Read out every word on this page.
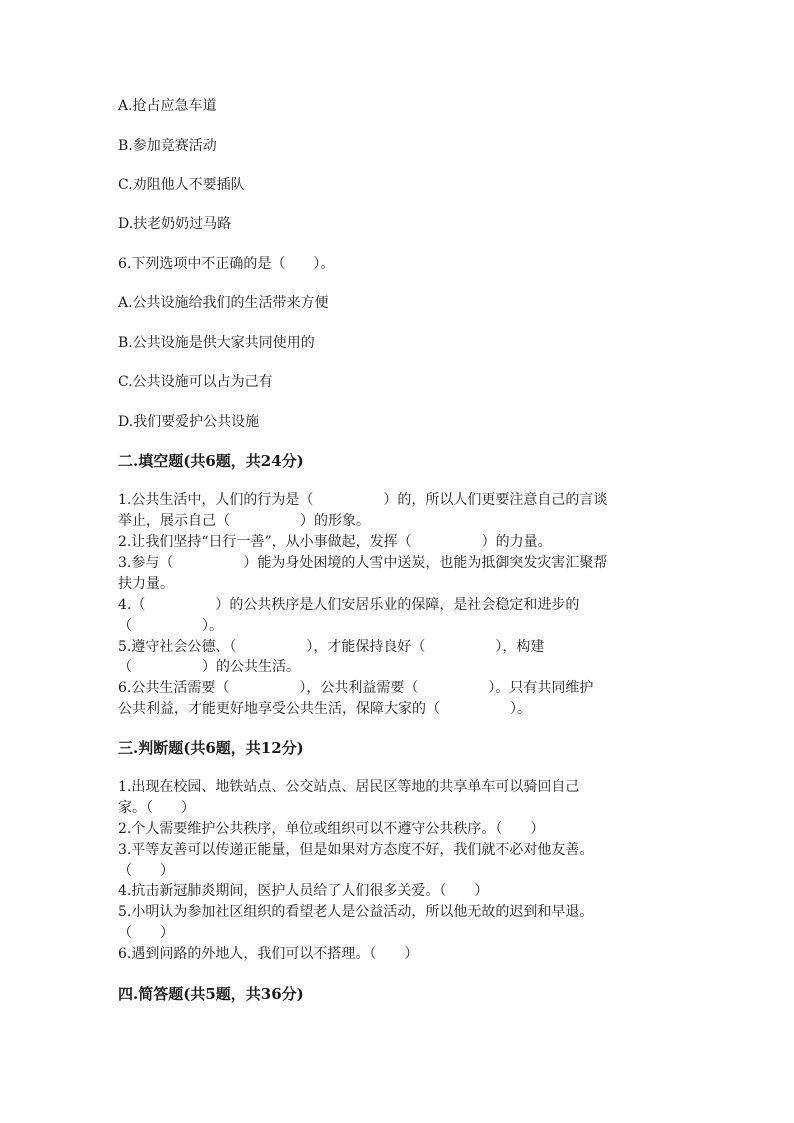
A.抢占应急车道
B.参加竞赛活动
C.劝阻他人不要插队
D.扶老奶奶过马路
6.下列选项中不正确的是（　　）。
A.公共设施给我们的生活带来方便
B.公共设施是供大家共同使用的
C.公共设施可以占为己有
D.我们要爱护公共设施
二.填空题(共6题，共24分)
1.公共生活中，人们的行为是（　　　　　）的，所以人们更要注意自己的言谈
举止，展示自己（　　　　　）的形象。
2.让我们坚持“日行一善”，从小事做起，发挥（　　　　　）的力量。
3.参与（　　　　　）能为身处困境的人雪中送炭，也能为抵御突发灾害汇聚帮
扶力量。
4.（　　　　　）的公共秩序是人们安居乐业的保障，是社会稳定和进步的
（　　　　　）。
5.遵守社会公德、（　　　　　），才能保持良好（　　　　　），构建
（　　　　　）的公共生活。
6.公共生活需要（　　　　　），公共利益需要（　　　　　）。只有共同维护
公共利益，才能更好地享受公共生活，保障大家的（　　　　　）。
三.判断题(共6题，共12分)
1.出现在校园、地铁站点、公交站点、居民区等地的共享单车可以骑回自己
家。（　　）
2.个人需要维护公共秩序，单位或组织可以不遵守公共秩序。（　　）
3.平等友善可以传递正能量，但是如果对方态度不好，我们就不必对他友善。
（　　）
4.抗击新冠肺炎期间，医护人员给了人们很多关爱。（　　）
5.小明认为参加社区组织的看望老人是公益活动，所以他无故的迟到和早退。
（　　）
6.遇到问路的外地人，我们可以不搭理。（　　）
四.简答题(共5题，共36分)
